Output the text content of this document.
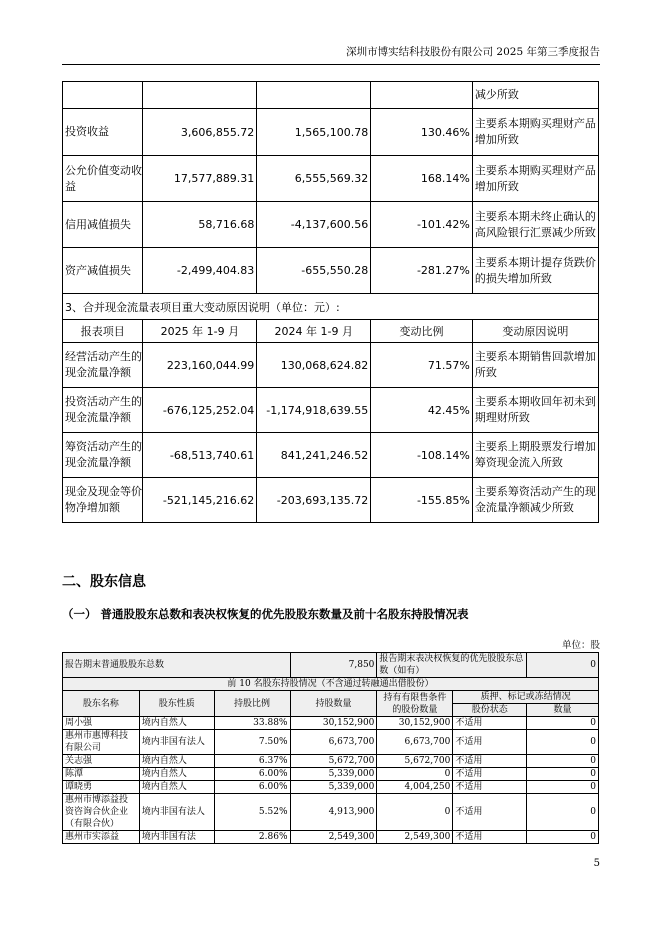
深圳市博实结科技股份有限公司 2025 年第三季度报告
				减少所致
投资收益	3,606,855.72	1,565,100.78	130.46%	主要系本期购买理财产品增加所致
公允价值变动收益	17,577,889.31	6,555,569.32	168.14%	主要系本期购买理财产品增加所致
信用减值损失	58,716.68	-4,137,600.56	-101.42%	主要系本期未终止确认的高风险银行汇票减少所致
资产减值损失	-2,499,404.83	-655,550.28	-281.27%	主要系本期计提存货跌价的损失增加所致
3、合并现金流量表项目重大变动原因说明（单位：元）:				
报表项目	2025 年 1-9 月	2024 年 1-9 月	变动比例	变动原因说明
经营活动产生的现金流量净额	223,160,044.99	130,068,624.82	71.57%	主要系本期销售回款增加所致
投资活动产生的现金流量净额	-676,125,252.04	-1,174,918,639.55	42.45%	主要系本期收回年初未到期理财所致
筹资活动产生的现金流量净额	-68,513,740.61	841,241,246.52	-108.14%	主要系上期股票发行增加筹资现金流入所致
现金及现金等价物净增加额	-521,145,216.62	-203,693,135.72	-155.85%	主要系筹资活动产生的现金流量净额减少所致
二、股东信息
（一） 普通股股东总数和表决权恢复的优先股股东数量及前十名股东持股情况表
单位：股
报告期末普通股股东总数			7,850	报告期末表决权恢复的优先股股东总数（如有）		0
前 10 名股东持股情况（不含通过转融通出借股份）						
股东名称	股东性质	持股比例	持股数量	持有有限售条件的股份数量	质押、标记或冻结情况	
					股份状态	数量
周小强	境内自然人	33.88%	30,152,900	30,152,900	不适用	0
惠州市惠博科技有限公司	境内非国有法人	7.50%	6,673,700	6,673,700	不适用	0
关志强	境内自然人	6.37%	5,672,700	5,672,700	不适用	0
陈潭	境内自然人	6.00%	5,339,000	0	不适用	0
谭晓勇	境内自然人	6.00%	5,339,000	4,004,250	不适用	0
惠州市博添益投资咨询合伙企业（有限合伙）	境内非国有法人	5.52%	4,913,900	0	不适用	0
惠州市实添益	境内非国有法	2.86%	2,549,300	2,549,300	不适用	0
5
